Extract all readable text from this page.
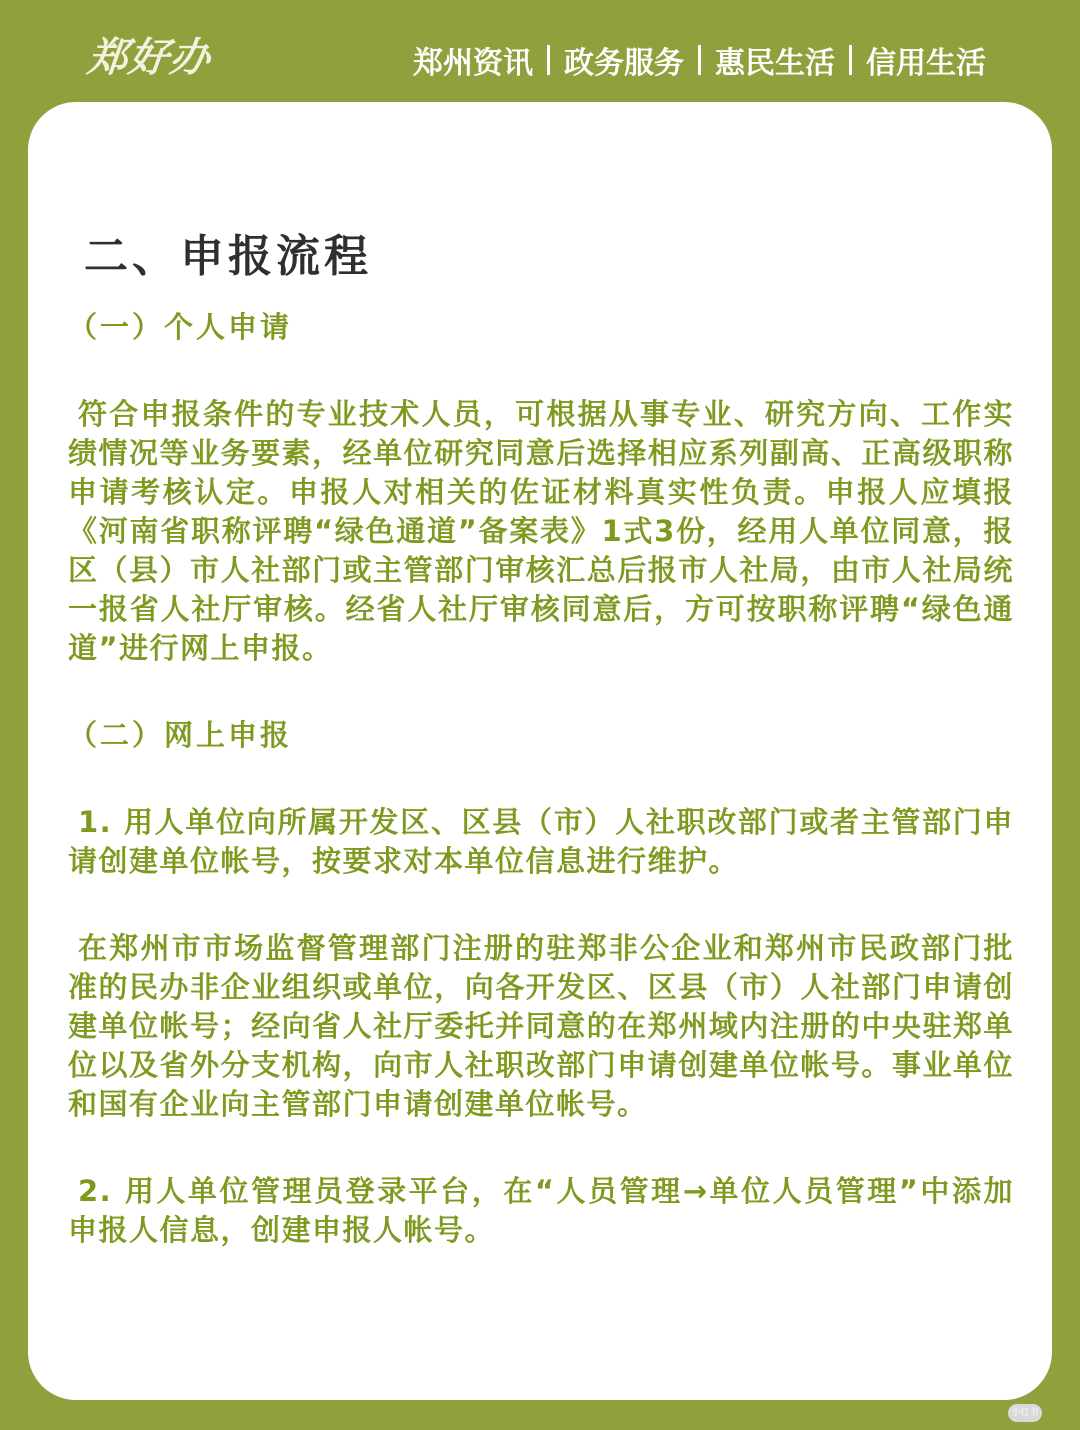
郑好办	郑州资讯 政务服务 惠民生活 信用生活
二、申报流程
（一）个人申请
符合申报条件的专业技术人员，可根据从事专业、研究方向、工作实绩情况等业务要素，经单位研究同意后选择相应系列副高、正高级职称申请考核认定。申报人对相关的佐证材料真实性负责。申报人应填报《河南省职称评聘“绿色通道”备案表》1式3份，经用人单位同意，报区（县）市人社部门或主管部门审核汇总后报市人社局，由市人社局统一报省人社厅审核。经省人社厅审核同意后，方可按职称评聘“绿色通道”进行网上申报。
（二）网上申报
1. 用人单位向所属开发区、区县（市）人社职改部门或者主管部门申请创建单位帐号，按要求对本单位信息进行维护。
在郑州市市场监督管理部门注册的驻郑非公企业和郑州市民政部门批准的民办非企业组织或单位，向各开发区、区县（市）人社部门申请创建单位帐号；经向省人社厅委托并同意的在郑州域内注册的中央驻郑单位以及省外分支机构，向市人社职改部门申请创建单位帐号。事业单位和国有企业向主管部门申请创建单位帐号。
2. 用人单位管理员登录平台，在“人员管理→单位人员管理”中添加申报人信息，创建申报人帐号。
小红书
